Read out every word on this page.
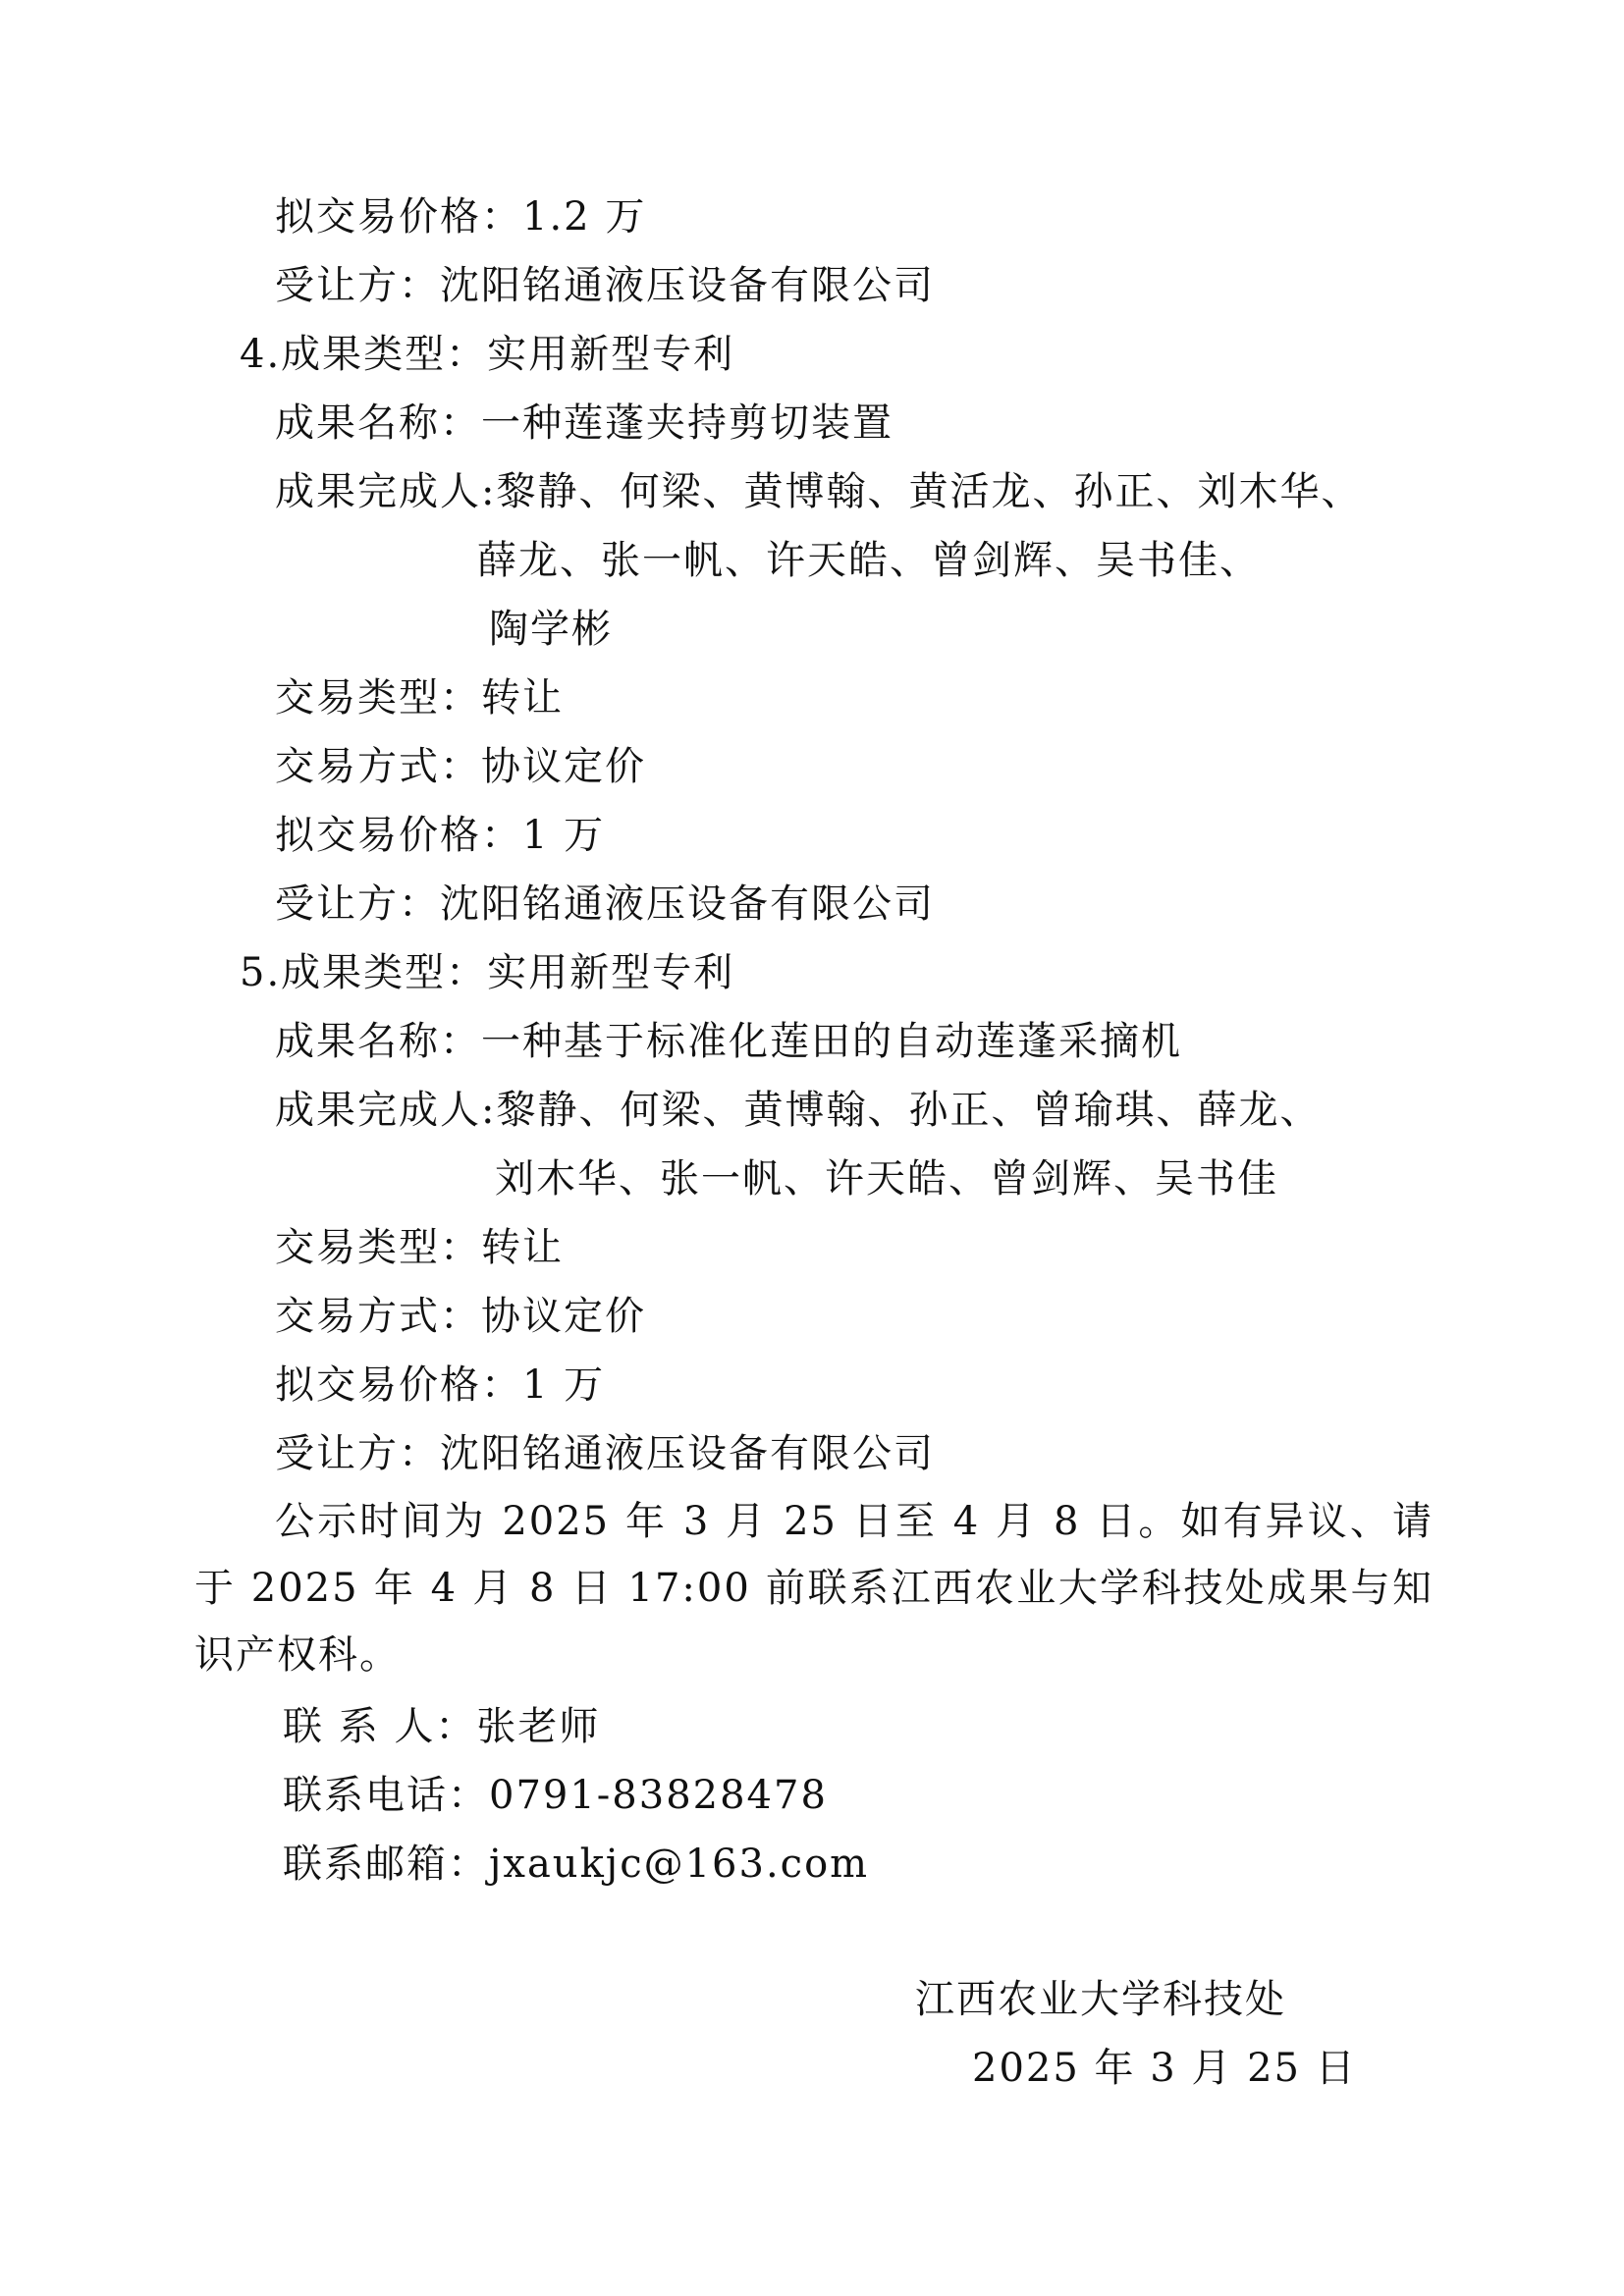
拟交易价格：1.2 万
受让方：沈阳铭通液压设备有限公司
4.成果类型：实用新型专利
成果名称：一种莲蓬夹持剪切装置
成果完成人:黎静、何梁、黄博翰、黄活龙、孙正、刘木华、
薛龙、张一帆、许天皓、曾剑辉、吴书佳、
陶学彬
交易类型：转让
交易方式：协议定价
拟交易价格：1 万
受让方：沈阳铭通液压设备有限公司
5.成果类型：实用新型专利
成果名称：一种基于标准化莲田的自动莲蓬采摘机
成果完成人:黎静、何梁、黄博翰、孙正、曾瑜琪、薛龙、
刘木华、张一帆、许天皓、曾剑辉、吴书佳
交易类型：转让
交易方式：协议定价
拟交易价格：1 万
受让方：沈阳铭通液压设备有限公司

公示时间为 2025 年 3 月 25 日至 4 月 8 日。如有异议、请于 2025 年 4 月 8 日 17:00 前联系江西农业大学科技处成果与知识产权科。

联 系 人：张老师
联系电话：0791-83828478
联系邮箱：jxaukjc@163.com
江西农业大学科技处
2025 年 3 月 25 日
